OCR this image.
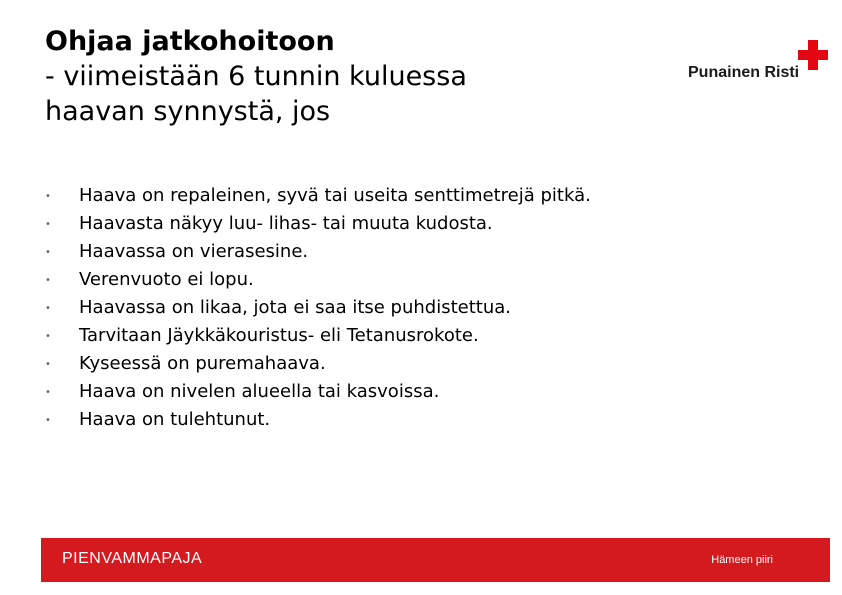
Ohjaa jatkohoitoon
- viimeistään 6 tunnin kuluessa
haavan synnystä, jos
Punainen Risti
•	Haava on repaleinen, syvä tai useita senttimetrejä pitkä.
•	Haavasta näkyy luu- lihas- tai muuta kudosta.
•	Haavassa on vierasesine.
•	Verenvuoto ei lopu.
•	Haavassa on likaa, jota ei saa itse puhdistettua.
•	Tarvitaan Jäykkäkouristus- eli Tetanusrokote.
•	Kyseessä on puremahaava.
•	Haava on nivelen alueella tai kasvoissa.
•	Haava on tulehtunut.
PIENVAMMAPAJA	Hämeen piiri
